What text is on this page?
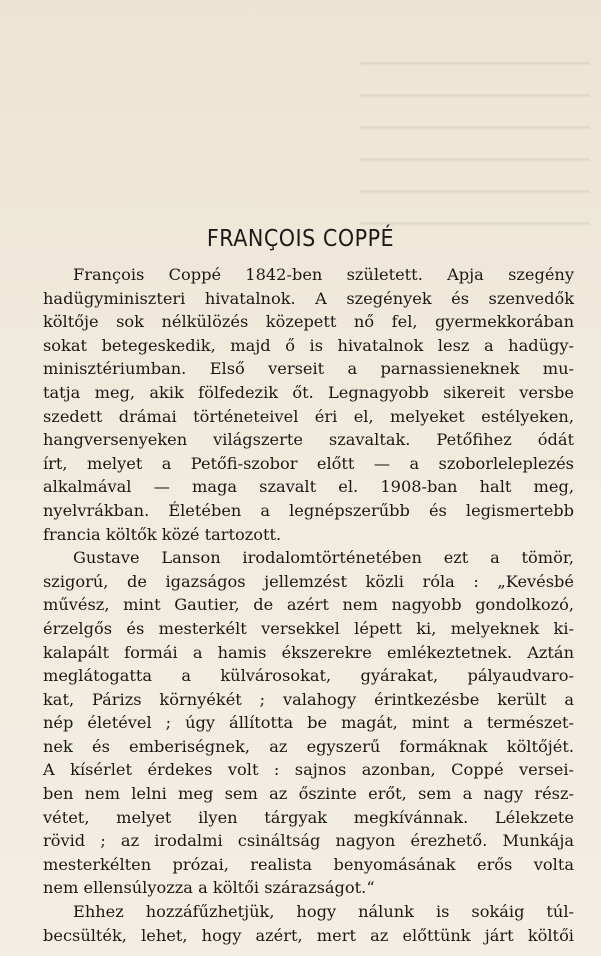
FRANÇOIS COPPÉ
François Coppé 1842-ben született. Apja szegény
hadügyminiszteri hivatalnok. A szegények és szenvedők
költője sok nélkülözés közepett nő fel, gyermekkorában
sokat betegeskedik, majd ő is hivatalnok lesz a hadügy-
minisztériumban. Első verseit a parnassieneknek mu-
tatja meg, akik fölfedezik őt. Legnagyobb sikereit versbe
szedett drámai történeteivel éri el, melyeket estélyeken,
hangversenyeken világszerte szavaltak. Petőfihez ódát
írt, melyet a Petőfi-szobor előtt — a szoborleleplezés
alkalmával — maga szavalt el. 1908-ban halt meg,
nyelvrákban. Életében a legnépszerűbb és legismertebb
francia költők közé tartozott.
Gustave Lanson irodalomtörténetében ezt a tömör,
szigorú, de igazságos jellemzést közli róla : „Kevésbé
művész, mint Gautier, de azért nem nagyobb gondolkozó,
érzelgős és mesterkélt versekkel lépett ki, melyeknek ki-
kalapált formái a hamis ékszerekre emlékeztetnek. Aztán
meglátogatta a külvárosokat, gyárakat, pályaudvaro-
kat, Párizs környékét ; valahogy érintkezésbe került a
nép életével ; úgy állította be magát, mint a természet-
nek és emberiségnek, az egyszerű formáknak költőjét.
A kísérlet érdekes volt : sajnos azonban, Coppé versei-
ben nem lelni meg sem az őszinte erőt, sem a nagy rész-
vétet, melyet ilyen tárgyak megkívánnak. Lélekzete
rövid ; az irodalmi csináltság nagyon érezhető. Munkája
mesterkélten prózai, realista benyomásának erős volta
nem ellensúlyozza a költői szárazságot.“
Ehhez hozzáfűzhetjük, hogy nálunk is sokáig túl-
becsülték, lehet, hogy azért, mert az előttünk járt költői
